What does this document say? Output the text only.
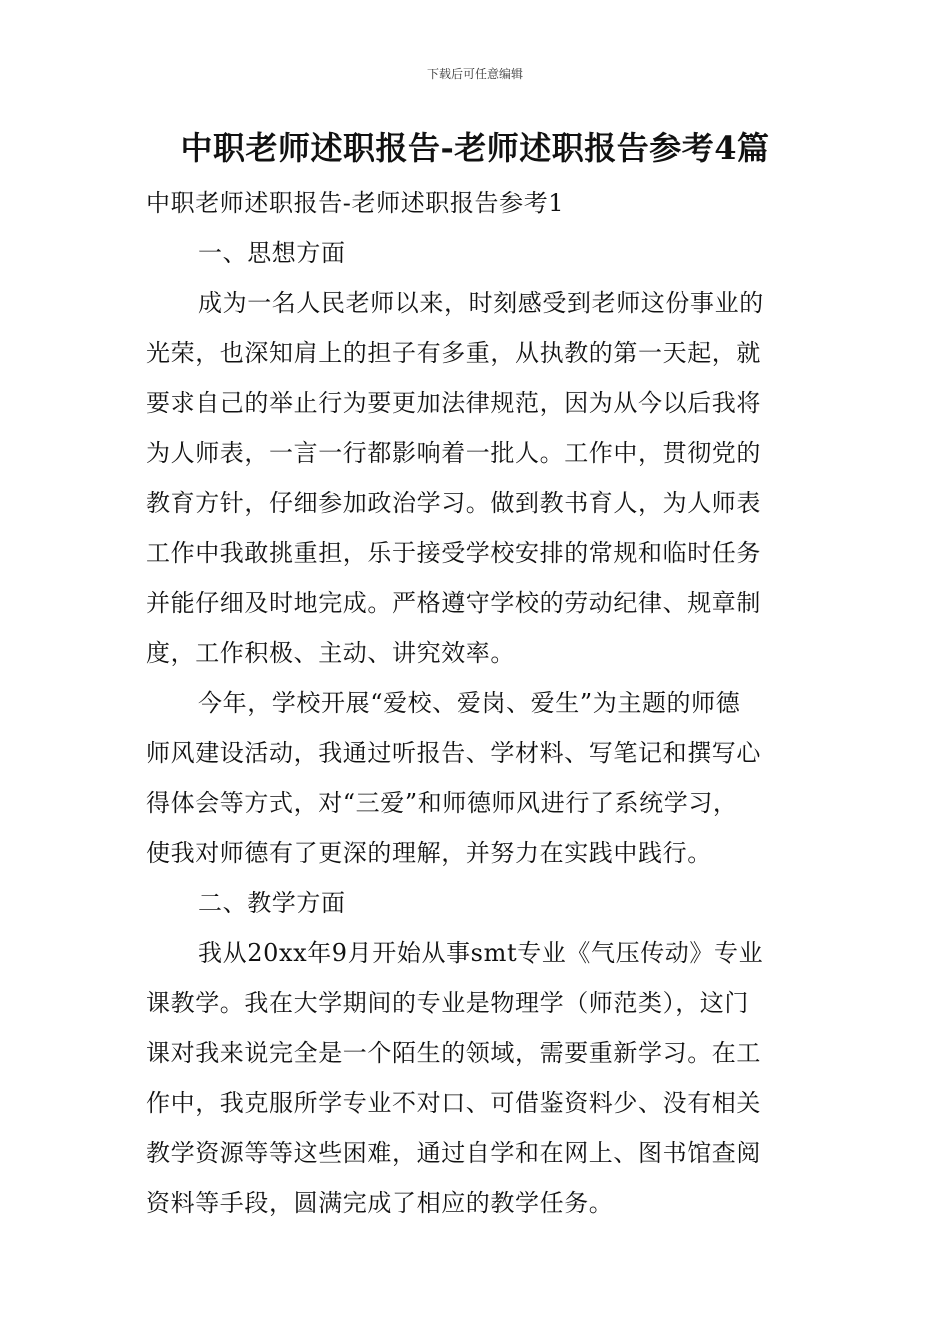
下载后可任意编辑
中职老师述职报告-老师述职报告参考4篇
中职老师述职报告-老师述职报告参考1
一、思想方面
成为一名人民老师以来，时刻感受到老师这份事业的
光荣，也深知肩上的担子有多重，从执教的第一天起，就
要求自己的举止行为要更加法律规范，因为从今以后我将
为人师表，一言一行都影响着一批人。工作中，贯彻党的
教育方针，仔细参加政治学习。做到教书育人，为人师表
工作中我敢挑重担，乐于接受学校安排的常规和临时任务
并能仔细及时地完成。严格遵守学校的劳动纪律、规章制
度，工作积极、主动、讲究效率。
今年，学校开展“爱校、爱岗、爱生”为主题的师德
师风建设活动，我通过听报告、学材料、写笔记和撰写心
得体会等方式，对“三爱”和师德师风进行了系统学习，
使我对师德有了更深的理解，并努力在实践中践行。
二、教学方面
我从20xx年9月开始从事smt专业《气压传动》专业
课教学。我在大学期间的专业是物理学（师范类），这门
课对我来说完全是一个陌生的领域，需要重新学习。在工
作中，我克服所学专业不对口、可借鉴资料少、没有相关
教学资源等等这些困难，通过自学和在网上、图书馆查阅
资料等手段，圆满完成了相应的教学任务。
